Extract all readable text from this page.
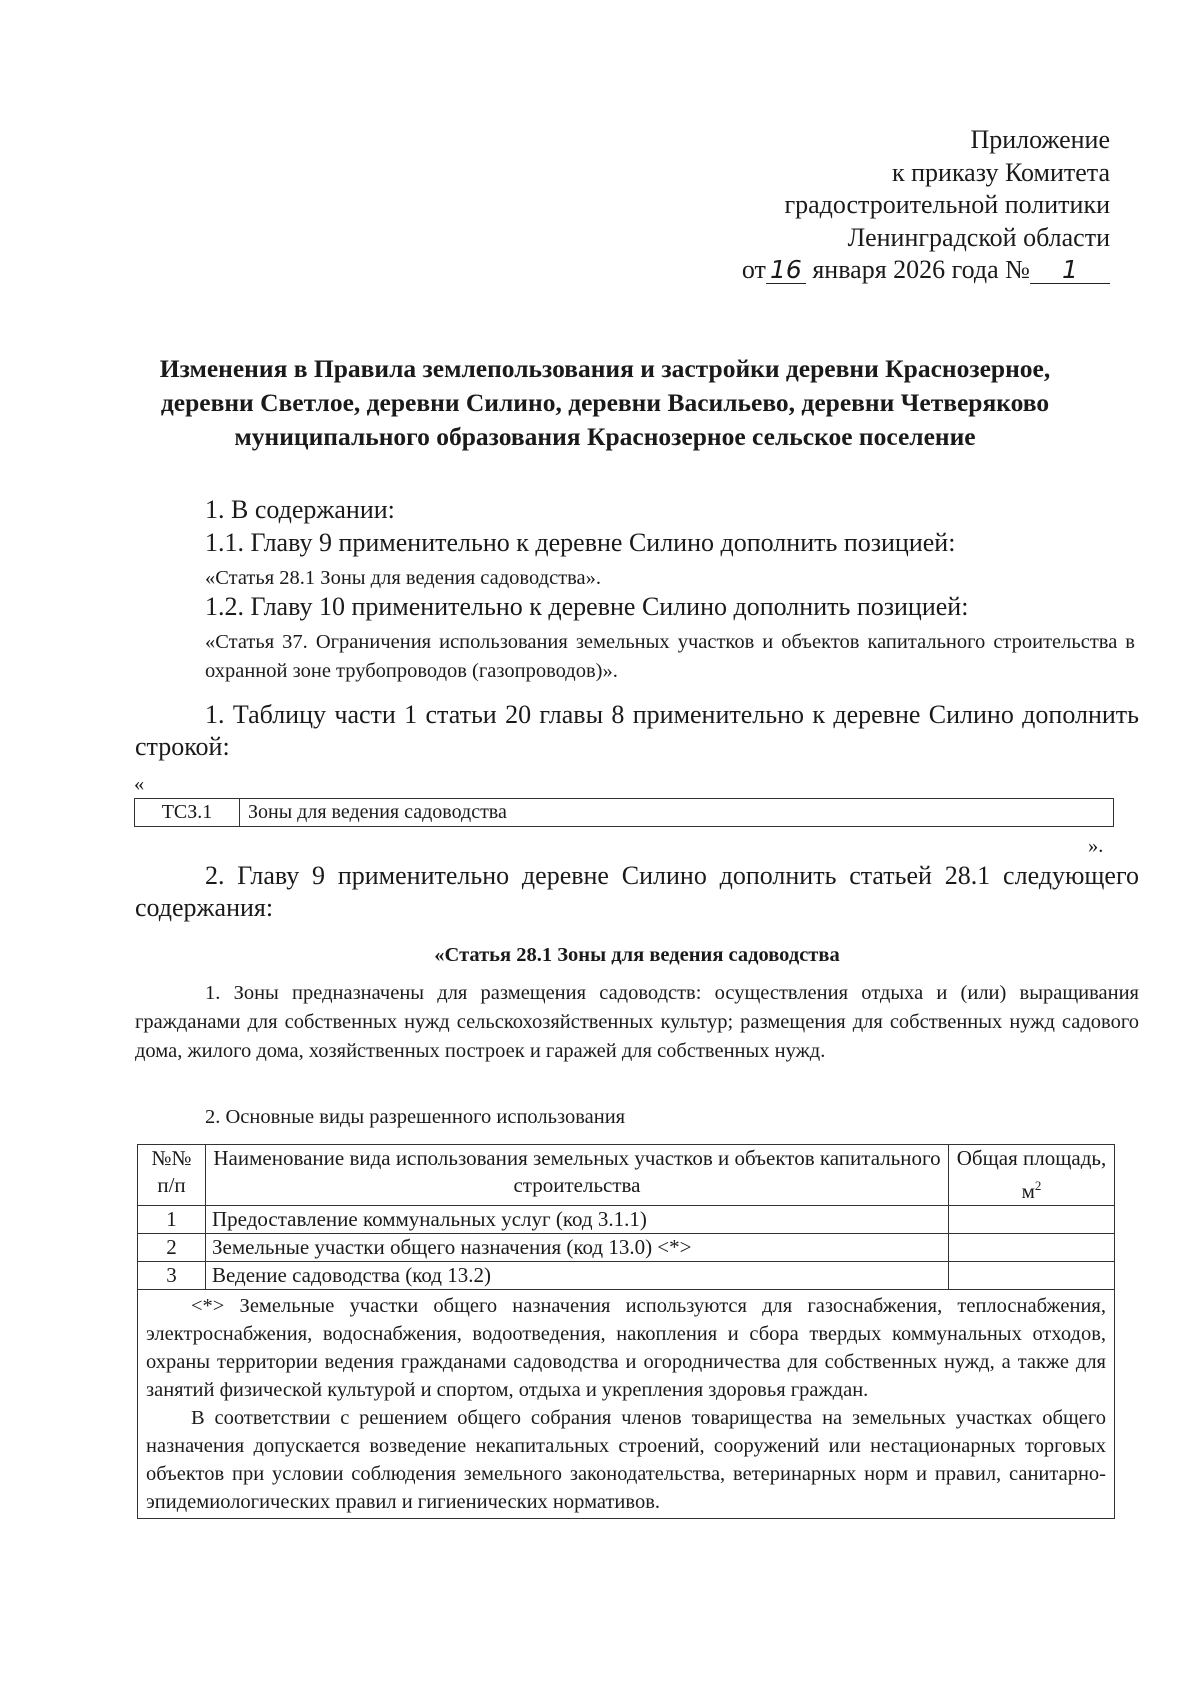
Приложение
к приказу Комитета
градостроительной политики
Ленинградской области
от 16 января 2026 года № 1
Изменения в Правила землепользования и застройки деревни Краснозерное,
деревни Светлое, деревни Силино, деревни Васильево, деревни Четверяково
муниципального образования Краснозерное сельское поселение
1. В содержании:
1.1. Главу 9 применительно к деревне Силино дополнить позицией:
«Статья 28.1 Зоны для ведения садоводства».
1.2. Главу 10 применительно к деревне Силино дополнить позицией:
«Статья 37. Ограничения использования земельных участков и объектов капитального строительства в охранной зоне трубопроводов (газопроводов)».
1. Таблицу части 1 статьи 20 главы 8 применительно к деревне Силино дополнить строкой:
«
ТСЗ.1	Зоны для ведения садоводства
».
2. Главу 9 применительно деревне Силино дополнить статьей 28.1 следующего содержания:
«Статья 28.1 Зоны для ведения садоводства
1. Зоны предназначены для размещения садоводств: осуществления отдыха и (или) выращивания гражданами для собственных нужд сельскохозяйственных культур; размещения для собственных нужд садового дома, жилого дома, хозяйственных построек и гаражей для собственных нужд.
2. Основные виды разрешенного использования
№№ п/п	Наименование вида использования земельных участков и объектов капитального строительства	Общая площадь, $м^2$
1	Предоставление коммунальных услуг (код 3.1.1)	
2	Земельные участки общего назначения (код 13.0) <*>	
3	Ведение садоводства (код 13.2)	

<*> Земельные участки общего назначения используются для газоснабжения, теплоснабжения, электроснабжения, водоснабжения, водоотведения, накопления и сбора твердых коммунальных отходов, охраны территории ведения гражданами садоводства и огородничества для собственных нужд, а также для занятий физической культурой и спортом, отдыха и укрепления здоровья граждан.

В соответствии с решением общего собрания членов товарищества на земельных участках общего назначения допускается возведение некапитальных строений, сооружений или нестационарных торговых объектов при условии соблюдения земельного законодательства, ветеринарных норм и правил, санитарно-эпидемиологических правил и гигиенических нормативов.		
